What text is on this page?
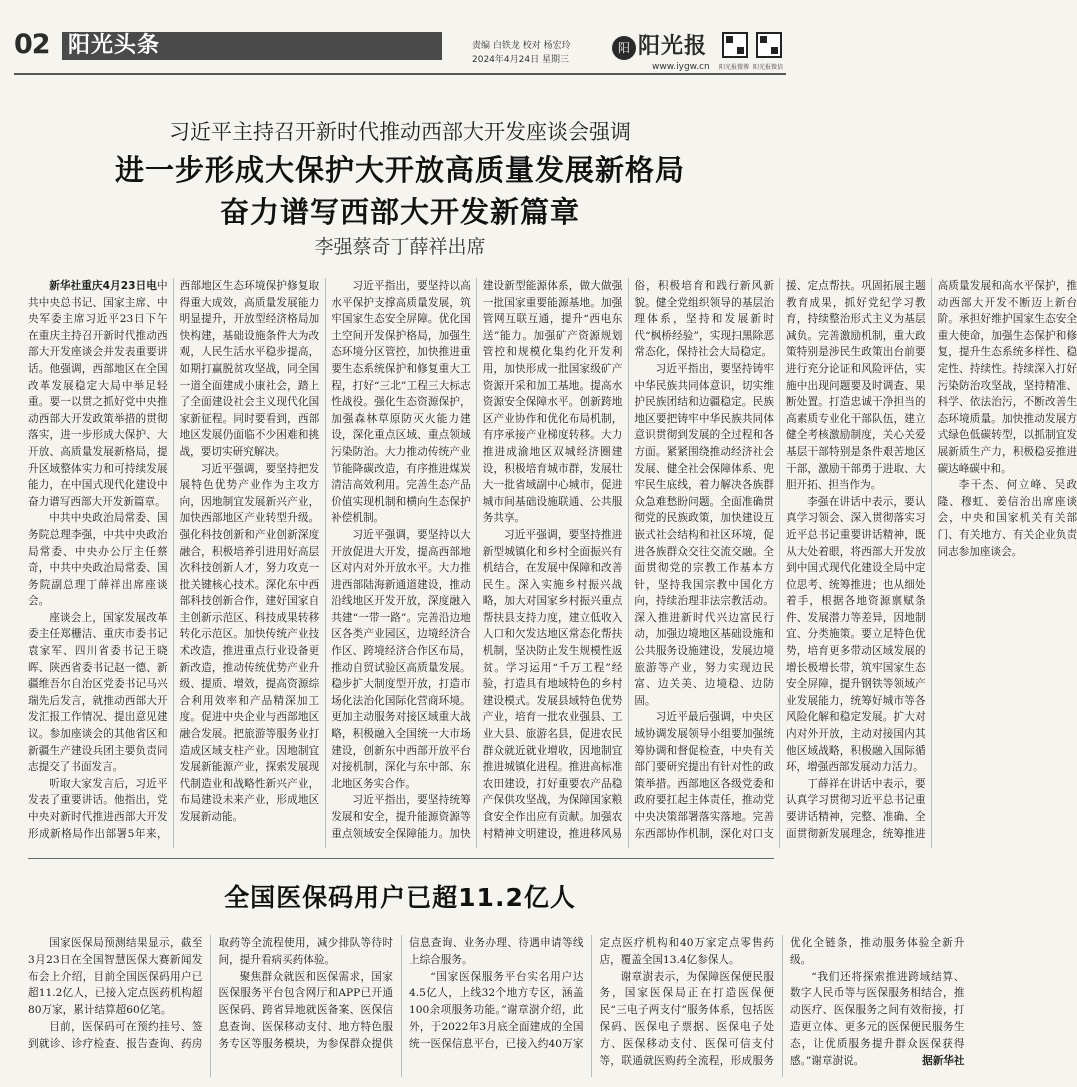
02 阳光头条	责编 白铁龙 校对 杨宏玲
2024年4月24日 星期三
阳 阳光报
www.iygw.cn 阳光报微博 阳光报微信
习近平主持召开新时代推动西部大开发座谈会强调
进一步形成大保护大开放高质量发展新格局
奋力谱写西部大开发新篇章
李强蔡奇丁薛祥出席

新华社重庆4月23日电中共中央总书记、国家主席、中央军委主席习近平23日下午在重庆主持召开新时代推动西部大开发座谈会并发表重要讲话。他强调，西部地区在全国改革发展稳定大局中举足轻重。要一以贯之抓好党中央推动西部大开发政策举措的贯彻落实，进一步形成大保护、大开放、高质量发展新格局，提升区域整体实力和可持续发展能力，在中国式现代化建设中奋力谱写西部大开发新篇章。

中共中央政治局常委、国务院总理李强，中共中央政治局常委、中央办公厅主任蔡奇，中共中央政治局常委、国务院副总理丁薛祥出席座谈会。

座谈会上，国家发展改革委主任郑栅洁、重庆市委书记袁家军、四川省委书记王晓晖、陕西省委书记赵一德、新疆维吾尔自治区党委书记马兴瑞先后发言，就推动西部大开发汇报工作情况、提出意见建议。参加座谈会的其他省区和新疆生产建设兵团主要负责同志提交了书面发言。

听取大家发言后，习近平发表了重要讲话。他指出，党中央对新时代推进西部大开发形成新格局作出部署5年来，西部地区生态环境保护修复取得重大成效，高质量发展能力明显提升，开放型经济格局加快构建，基础设施条件大为改观，人民生活水平稳步提高，如期打赢脱贫攻坚战，同全国一道全面建成小康社会，踏上了全面建设社会主义现代化国家新征程。同时要看到，西部地区发展仍面临不少困难和挑战，要切实研究解决。

习近平强调，要坚持把发展特色优势产业作为主攻方向，因地制宜发展新兴产业，加快西部地区产业转型升级。强化科技创新和产业创新深度融合，积极培养引进用好高层次科技创新人才，努力攻克一批关键核心技术。深化东中西部科技创新合作，建好国家自主创新示范区、科技成果转移转化示范区。加快传统产业技术改造，推进重点行业设备更新改造，推动传统优势产业升级、提质、增效，提高资源综合利用效率和产品精深加工度。促进中央企业与西部地区融合发展。把旅游等服务业打造成区域支柱产业。因地制宜发展新能源产业，探索发展现代制造业和战略性新兴产业，布局建设未来产业，形成地区发展新动能。

习近平指出，要坚持以高水平保护支撑高质量发展，筑牢国家生态安全屏障。优化国土空间开发保护格局，加强生态环境分区管控，加快推进重要生态系统保护和修复重大工程，打好“三北”工程三大标志性战役。强化生态资源保护，加强森林草原防灭火能力建设，深化重点区域、重点领域污染防治。大力推动传统产业节能降碳改造，有序推进煤炭清洁高效利用。完善生态产品价值实现机制和横向生态保护补偿机制。

习近平强调，要坚持以大开放促进大开发，提高西部地区对内对外开放水平。大力推进西部陆海新通道建设，推动沿线地区开发开放，深度融入共建“一带一路”。完善沿边地区各类产业园区，边境经济合作区、跨境经济合作区布局，推动自贸试验区高质量发展。稳步扩大制度型开放，打造市场化法治化国际化营商环境。更加主动服务对接区域重大战略，积极融入全国统一大市场建设，创新东中西部开放平台对接机制，深化与东中部、东北地区务实合作。

习近平指出，要坚持统筹发展和安全，提升能源资源等重点领域安全保障能力。加快建设新型能源体系，做大做强一批国家重要能源基地。加强管网互联互通，提升“西电东送”能力。加强矿产资源规划管控和规模化集约化开发利用，加快形成一批国家级矿产资源开采和加工基地。提高水资源安全保障水平。创新跨地区产业协作和优化布局机制，有序承接产业梯度转移。大力推进成渝地区双城经济圈建设，积极培育城市群，发展壮大一批省域副中心城市，促进城市间基础设施联通、公共服务共享。

习近平强调，要坚持推进新型城镇化和乡村全面振兴有机结合，在发展中保障和改善民生。深入实施乡村振兴战略，加大对国家乡村振兴重点帮扶县支持力度，建立低收入人口和欠发达地区常态化帮扶机制，坚决防止发生规模性返贫。学习运用“千万工程”经验，打造具有地域特色的乡村建设模式。发展县域特色优势产业，培育一批农业强县、工业大县、旅游名县，促进农民群众就近就业增收，因地制宜推进城镇化进程。推进高标准农田建设，打好重要农产品稳产保供攻坚战，为保障国家粮食安全作出应有贡献。加强农村精神文明建设，推进移风易俗，积极培育和践行新风新貌。健全党组织领导的基层治理体系，坚持和发展新时代“枫桥经验”，实现扫黑除恶常态化，保持社会大局稳定。

习近平指出，要坚持铸牢中华民族共同体意识，切实维护民族团结和边疆稳定。民族地区要把铸牢中华民族共同体意识贯彻到发展的全过程和各方面。紧紧围绕推动经济社会发展、健全社会保障体系、兜牢民生底线，着力解决各族群众急难愁盼问题。全面准确贯彻党的民族政策，加快建设互嵌式社会结构和社区环境，促进各族群众交往交流交融。全面贯彻党的宗教工作基本方针，坚持我国宗教中国化方向，持续治理非法宗教活动。深入推进新时代兴边富民行动，加强边境地区基础设施和公共服务设施建设，发展边境旅游等产业，努力实现边民富、边关美、边境稳、边防固。

习近平最后强调，中央区域协调发展领导小组要加强统筹协调和督促检查，中央有关部门要研究提出有针对性的政策举措。西部地区各级党委和政府要扛起主体责任，推动党中央决策部署落实落地。完善东西部协作机制，深化对口支援、定点帮扶。巩固拓展主题教育成果，抓好党纪学习教育，持续整治形式主义为基层减负。完善激励机制，重大政策特别是涉民生政策出台前要进行充分论证和风险评估，实施中出现问题要及时调查、果断处置。打造忠诚干净担当的高素质专业化干部队伍，建立健全考核激励制度，关心关爱基层干部特别是条件艰苦地区干部，激励干部勇于进取、大胆开拓、担当作为。

李强在讲话中表示，要认真学习领会、深入贯彻落实习近平总书记重要讲话精神，既从大处着眼，将西部大开发放到中国式现代化建设全局中定位思考、统筹推进；也从细处着手，根据各地资源禀赋条件、发展潜力等差异，因地制宜、分类施策。要立足特色优势，培育更多带动区域发展的增长极增长带，筑牢国家生态安全屏障，提升钢铁等领域产业发展能力，统筹好城市等各风险化解和稳定发展。扩大对内对外开放，主动对接国内其他区域战略，积极融入国际循环，增强西部发展动力活力。

丁薛祥在讲话中表示，要认真学习贯彻习近平总书记重要讲话精神，完整、准确、全面贯彻新发展理念，统筹推进高质量发展和高水平保护，推动西部大开发不断迈上新台阶。承担好维护国家生态安全重大使命，加强生态保护和修复，提升生态系统多样性、稳定性、持续性。持续深入打好污染防治攻坚战，坚持精准、科学、依法治污，不断改善生态环境质量。加快推动发展方式绿色低碳转型，以抓制宜发展新质生产力，积极稳妥推进碳达峰碳中和。

李干杰、何立峰、吴政隆、穆虹、姜信治出席座谈会，中央和国家机关有关部门、有关地方、有关企业负责同志参加座谈会。

全国医保码用户已超11.2亿人

国家医保局预测结果显示，截至3月23日在全国智慧医保大赛新闻发布会上介绍，目前全国医保码用户已超11.2亿人，已接入定点医药机构超80万家，累计结算超60亿笔。

目前，医保码可在预约挂号、签到就诊、诊疗检查、报告查询、药房取药等全流程使用，减少排队等待时间，提升看病买药体验。

聚焦群众就医和医保需求，国家医保服务平台包含网厅和APP已开通医保码、跨省异地就医备案、医保信息查询、医保移动支付、地方特色服务专区等服务模块，为参保群众提供信息查询、业务办理、待遇申请等线上综合服务。

“国家医保服务平台实名用户达4.5亿人，上线32个地方专区，涵盖100余项服务功能。”谢章澍介绍，此外，于2022年3月底全面建成的全国统一医保信息平台，已接入约40万家定点医疗机构和40万家定点零售药店，覆盖全国13.4亿参保人。

谢章澍表示，为保障医保便民服务，国家医保局正在打造医保便民“三电子两支付”服务体系，包括医保码、医保电子票据、医保电子处方、医保移动支付、医保可信支付等，联通就医购药全流程，形成服务优化全链条，推动服务体验全新升级。

“我们还将探索推进跨域结算、数字人民币等与医保服务相结合，推动医疗、医保服务之间有效衔接，打造更立体、更多元的医保便民服务生态，让优质服务提升群众医保获得感。”谢章澍说。	据新华社
